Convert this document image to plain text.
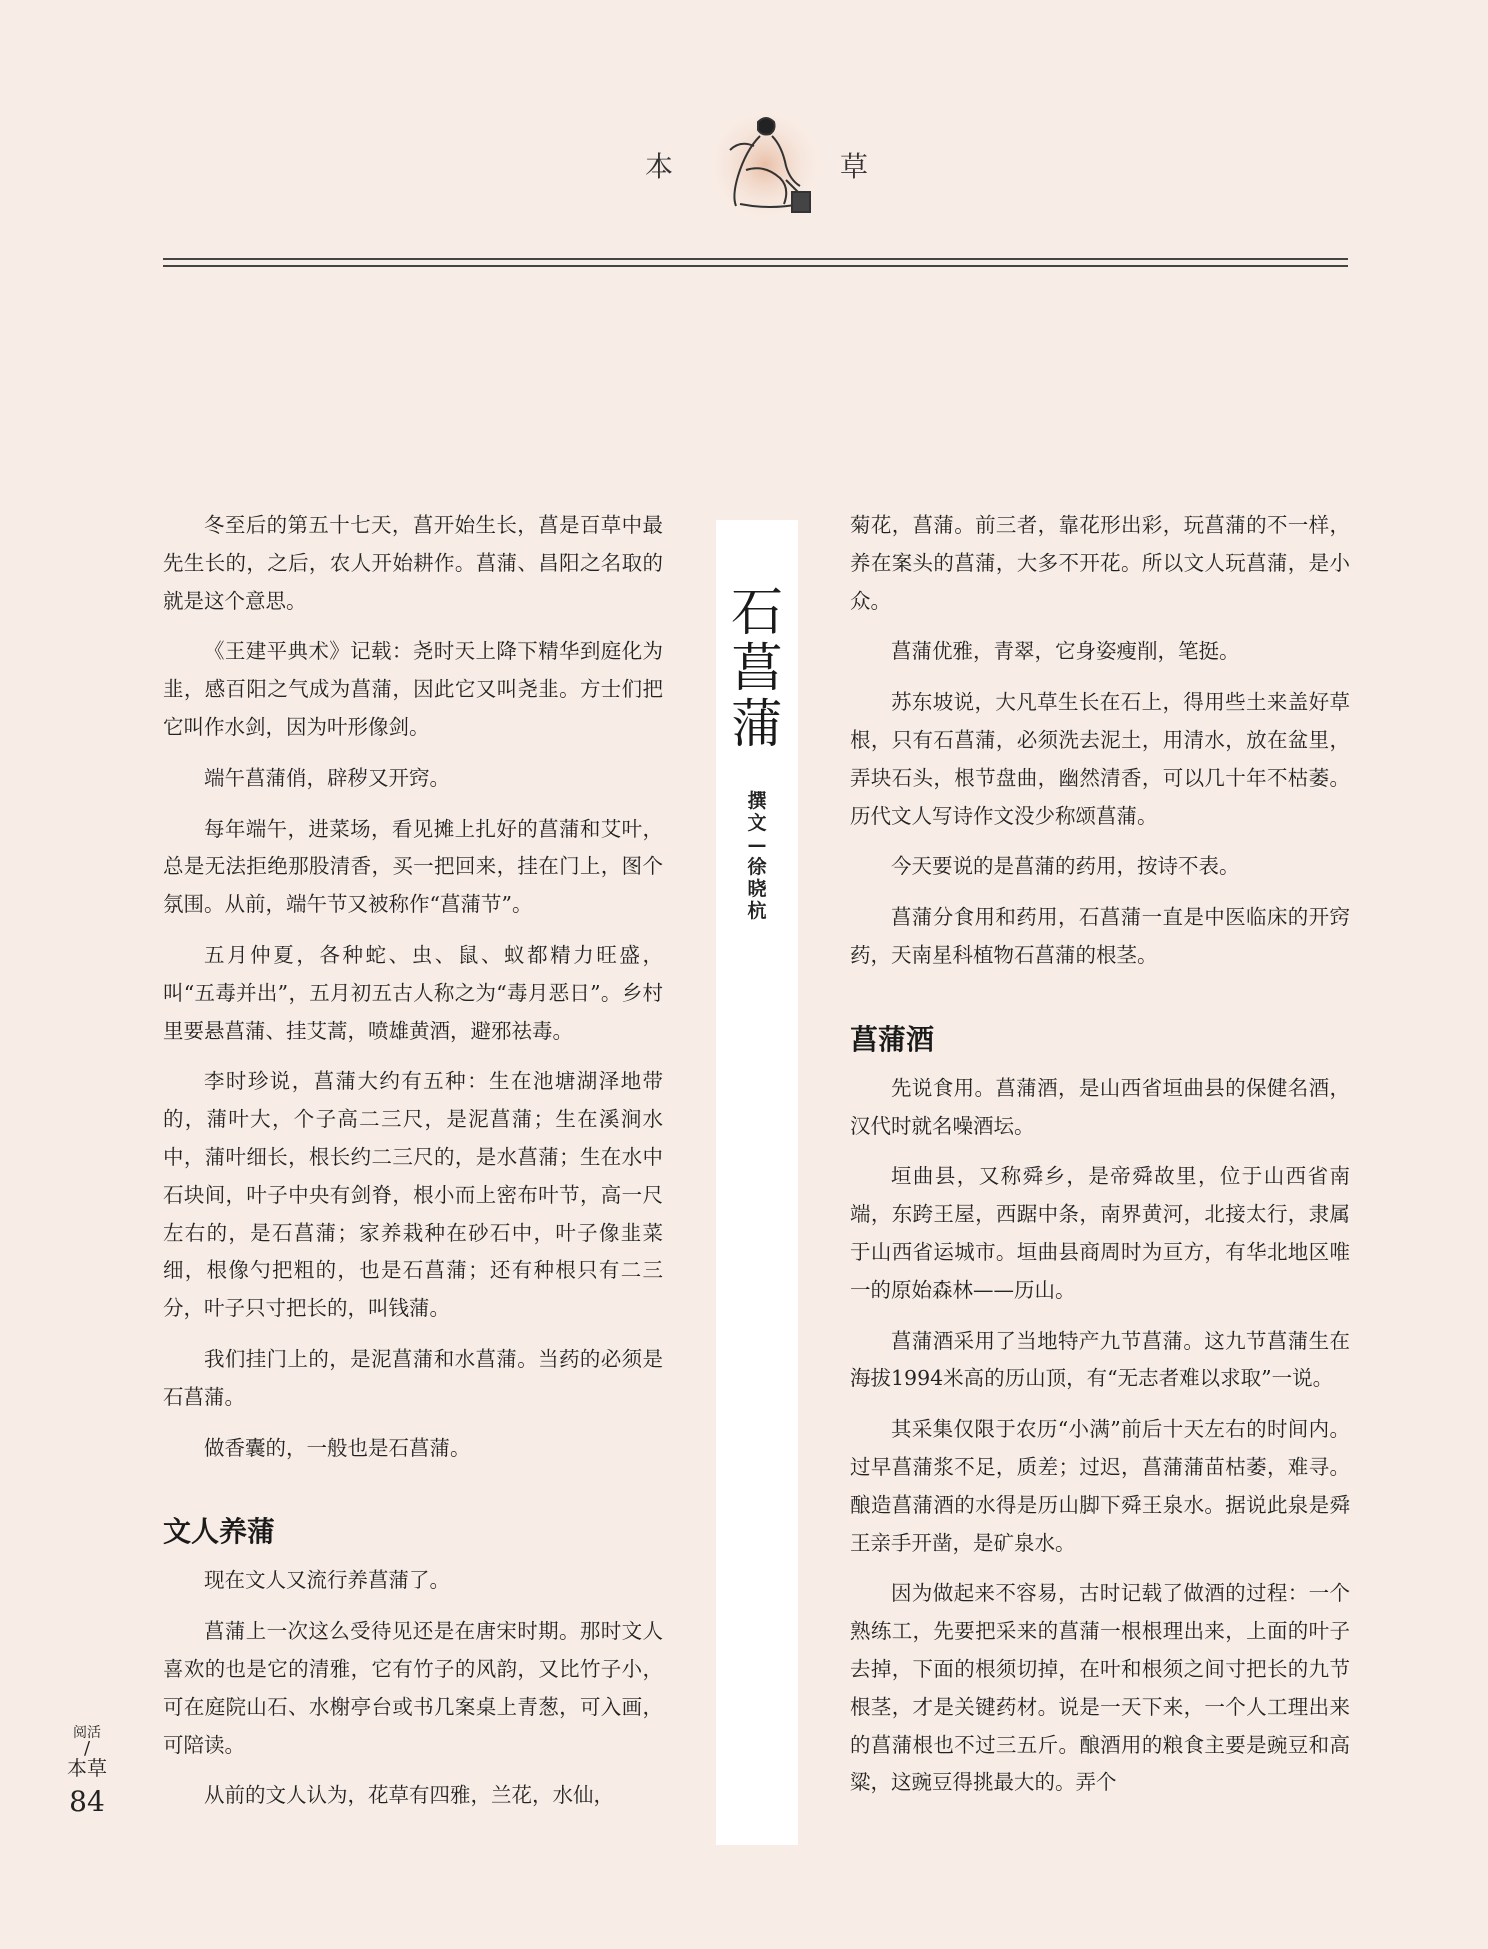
本	草

冬至后的第五十七天，菖开始生长，菖是百草中最先生长的，之后，农人开始耕作。菖蒲、昌阳之名取的就是这个意思。

《王建平典术》记载：尧时天上降下精华到庭化为韭，感百阳之气成为菖蒲，因此它又叫尧韭。方士们把它叫作水剑，因为叶形像剑。

端午菖蒲俏，辟秽又开窍。

每年端午，进菜场，看见摊上扎好的菖蒲和艾叶，总是无法拒绝那股清香，买一把回来，挂在门上，图个氛围。从前，端午节又被称作“菖蒲节”。

五月仲夏，各种蛇、虫、鼠、蚁都精力旺盛，叫“五毒并出”，五月初五古人称之为“毒月恶日”。乡村里要悬菖蒲、挂艾蒿，喷雄黄酒，避邪祛毒。

李时珍说，菖蒲大约有五种：生在池塘湖泽地带的，蒲叶大，个子高二三尺，是泥菖蒲；生在溪涧水中，蒲叶细长，根长约二三尺的，是水菖蒲；生在水中石块间，叶子中央有剑脊，根小而上密布叶节，高一尺左右的，是石菖蒲；家养栽种在砂石中，叶子像韭菜细，根像勺把粗的，也是石菖蒲；还有种根只有二三分，叶子只寸把长的，叫钱蒲。

我们挂门上的，是泥菖蒲和水菖蒲。当药的必须是石菖蒲。

做香囊的，一般也是石菖蒲。

文人养蒲

现在文人又流行养菖蒲了。

菖蒲上一次这么受待见还是在唐宋时期。那时文人喜欢的也是它的清雅，它有竹子的风韵，又比竹子小，可在庭院山石、水榭亭台或书几案桌上青葱，可入画，可陪读。

从前的文人认为，花草有四雅，兰花，水仙，

石
菖
蒲
撰
文
—
徐
晓
杭

菊花，菖蒲。前三者，靠花形出彩，玩菖蒲的不一样，养在案头的菖蒲，大多不开花。所以文人玩菖蒲，是小众。

菖蒲优雅，青翠，它身姿瘦削，笔挺。

苏东坡说，大凡草生长在石上，得用些土来盖好草根，只有石菖蒲，必须洗去泥土，用清水，放在盆里，弄块石头，根节盘曲，幽然清香，可以几十年不枯萎。历代文人写诗作文没少称颂菖蒲。

今天要说的是菖蒲的药用，按诗不表。

菖蒲分食用和药用，石菖蒲一直是中医临床的开窍药，天南星科植物石菖蒲的根茎。

菖蒲酒

先说食用。菖蒲酒，是山西省垣曲县的保健名酒，汉代时就名噪酒坛。

垣曲县，又称舜乡，是帝舜故里，位于山西省南端，东跨王屋，西踞中条，南界黄河，北接太行，隶属于山西省运城市。垣曲县商周时为亘方，有华北地区唯一的原始森林——历山。

菖蒲酒采用了当地特产九节菖蒲。这九节菖蒲生在海拔1994米高的历山顶，有“无志者难以求取”一说。

其采集仅限于农历“小满”前后十天左右的时间内。过早菖蒲浆不足，质差；过迟，菖蒲蒲苗枯萎，难寻。酿造菖蒲酒的水得是历山脚下舜王泉水。据说此泉是舜王亲手开凿，是矿泉水。

因为做起来不容易，古时记载了做酒的过程：一个熟练工，先要把采来的菖蒲一根根理出来，上面的叶子去掉，下面的根须切掉，在叶和根须之间寸把长的九节根茎，才是关键药材。说是一天下来，一个人工理出来的菖蒲根也不过三五斤。酿酒用的粮食主要是豌豆和高粱，这豌豆得挑最大的。弄个

阅活
/
本草
84
